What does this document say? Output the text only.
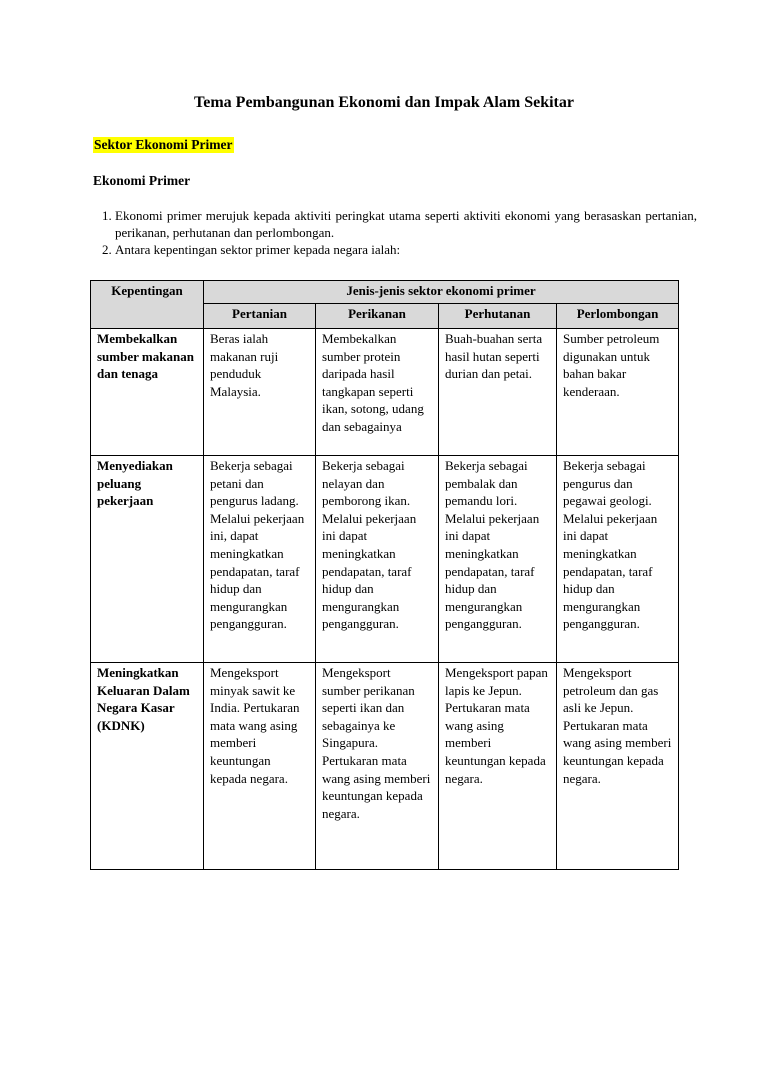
Tema Pembangunan Ekonomi dan Impak Alam Sekitar
Sektor Ekonomi Primer
Ekonomi Primer
1. Ekonomi primer merujuk kepada aktiviti peringkat utama seperti aktiviti ekonomi yang berasaskan pertanian, perikanan, perhutanan dan perlombongan.
2. Antara kepentingan sektor primer kepada negara ialah:
Kepentingan	Jenis-jenis sektor ekonomi primer			
	Pertanian	Perikanan	Perhutanan	Perlombongan
Membekalkan sumber makanan dan tenaga	Beras ialah makanan ruji penduduk Malaysia.	Membekalkan sumber protein daripada hasil tangkapan seperti ikan, sotong, udang dan sebagainya	Buah-buahan serta hasil hutan seperti durian dan petai.	Sumber petroleum digunakan untuk bahan bakar kenderaan.
Menyediakan peluang pekerjaan	Bekerja sebagai petani dan pengurus ladang. Melalui pekerjaan ini, dapat meningkatkan pendapatan, taraf hidup dan mengurangkan pengangguran.	Bekerja sebagai nelayan dan pemborong ikan. Melalui pekerjaan ini dapat meningkatkan pendapatan, taraf hidup dan mengurangkan pengangguran.	Bekerja sebagai pembalak dan pemandu lori. Melalui pekerjaan ini dapat meningkatkan pendapatan, taraf hidup dan mengurangkan pengangguran.	Bekerja sebagai pengurus dan pegawai geologi. Melalui pekerjaan ini dapat meningkatkan pendapatan, taraf hidup dan mengurangkan pengangguran.
Meningkatkan Keluaran Dalam Negara Kasar (KDNK)	Mengeksport minyak sawit ke India. Pertukaran mata wang asing memberi keuntungan kepada negara.	Mengeksport sumber perikanan seperti ikan dan sebagainya ke Singapura. Pertukaran mata wang asing memberi keuntungan kepada negara.	Mengeksport papan lapis ke Jepun. Pertukaran mata wang asing memberi keuntungan kepada negara.	Mengeksport petroleum dan gas asli ke Jepun. Pertukaran mata wang asing memberi keuntungan kepada negara.
